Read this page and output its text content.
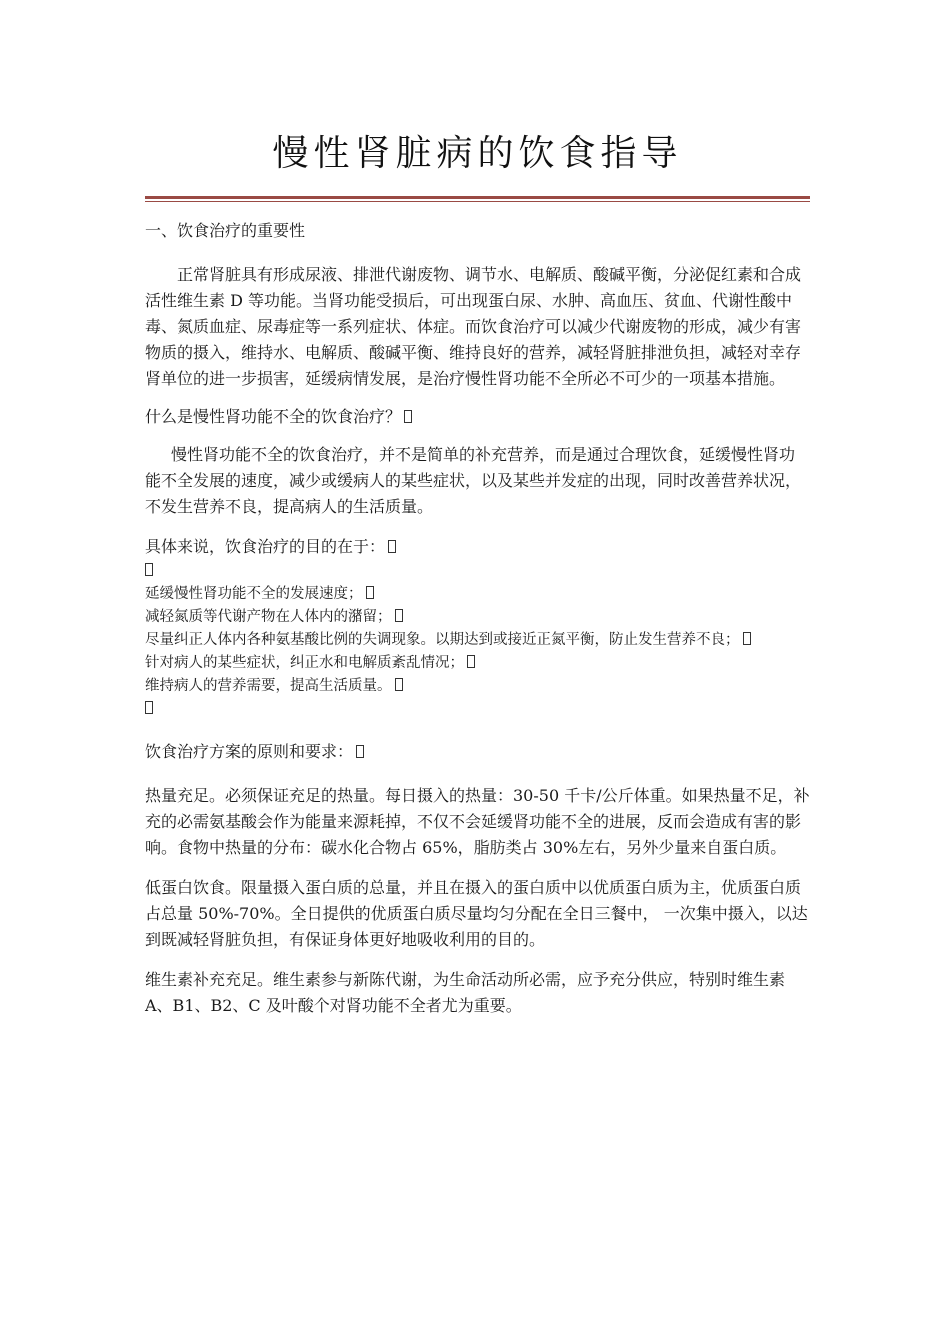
慢性肾脏病的饮食指导

一、饮食治疗的重要性

正常肾脏具有形成尿液、排泄代谢废物、调节水、电解质、酸碱平衡，分泌促红素和合成活性维生素 D 等功能。当肾功能受损后，可出现蛋白尿、水肿、高血压、贫血、代谢性酸中毒、氮质血症、尿毒症等一系列症状、体症。而饮食治疗可以减少代谢废物的形成，减少有害物质的摄入，维持水、电解质、酸碱平衡、维持良好的营养，减轻肾脏排泄负担，减轻对幸存肾单位的进一步损害，延缓病情发展，是治疗慢性肾功能不全所必不可少的一项基本措施。

什么是慢性肾功能不全的饮食治疗？

慢性肾功能不全的饮食治疗，并不是简单的补充营养，而是通过合理饮食，延缓慢性肾功能不全发展的速度，减少或缓病人的某些症状，以及某些并发症的出现，同时改善营养状况，不发生营养不良，提高病人的生活质量。

具体来说，饮食治疗的目的在于：

延缓慢性肾功能不全的发展速度；

减轻氮质等代谢产物在人体内的潴留；

尽量纠正人体内各种氨基酸比例的失调现象。以期达到或接近正氮平衡，防止发生营养不良；

针对病人的某些症状，纠正水和电解质紊乱情况；

维持病人的营养需要，提高生活质量。

饮食治疗方案的原则和要求：

热量充足。必须保证充足的热量。每日摄入的热量：30-50 千卡/公斤体重。如果热量不足，补充的必需氨基酸会作为能量来源耗掉，不仅不会延缓肾功能不全的进展，反而会造成有害的影响。食物中热量的分布：碳水化合物占 65%，脂肪类占 30%左右，另外少量来自蛋白质。

低蛋白饮食。限量摄入蛋白质的总量，并且在摄入的蛋白质中以优质蛋白质为主，优质蛋白质占总量 50%-70%。全日提供的优质蛋白质尽量均匀分配在全日三餐中， 一次集中摄入，以达到既减轻肾脏负担，有保证身体更好地吸收利用的目的。

维生素补充充足。维生素参与新陈代谢，为生命活动所必需，应予充分供应，特别时维生素 A、B1、B2、C 及叶酸个对肾功能不全者尤为重要。
